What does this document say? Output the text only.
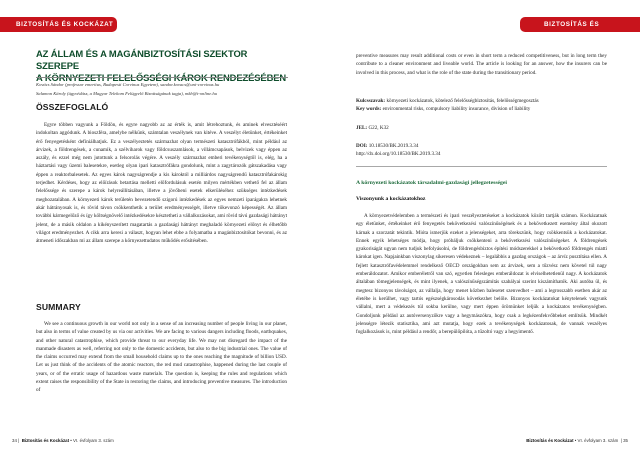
BIZTOSÍTÁS ÉS KOCKÁZAT
AZ ÁLLAM ÉS A MAGÁNBIZTOSÍTÁSI SZEKTOR SZEREPE
Kovács Sándor (professor emeritus, Budapesti Corvinus Egyetem), sandor.kovacs@uni-corvinus.hu
Salamon Károly (ügyvédász, a Magyar Telekom Felügyelő Bizottságának tagja), mkb@t-online.hu
ÖSSZEFOGLALÓ
Egyre többen vagyunk a Földön, és egyre nagyobb az az érték is, amit létrehoztunk, és aminek elvesztéséért indokoltan aggódunk. A bioszféra, amelybe nélkünk, számtalan veszélynek van kitéve. A veszélyt életünket, értékeinket érő fenyegetésként definiálhatjuk. Ez a veszélyeztetés származhat olyan természeti katasztrófákból, mint például az árvizek, a földrengések, a cunamik, a szélviharok vagy földcsuszamlások, a villámcsapások, belvizek vagy éppen az aszály, és ezzel még nem jutottunk a felsorolás végére. A veszély származhat emberi tevékenységtől is, elég, ha a háztartási vagy üzemi balesetekre, esetleg olyan ipari katasztrófákra gondolunk, mint a zagytározók gátszakadása vagy éppen a reaktorbalesetek. Az egyes károk nagyságrendje a kis károktól a milliárdos nagyságrendű katasztrófakárokig terjedhet. Kérdéses, hogy az előírások betartása melletti előfordulásuk esetén milyen mértékben vethető fel az állam felelőssége és szerepe a károk helyreállításában, illetve a jövőbeni esetek elkerüléséhez szükséges intézkedések meghozatalában. A környezeti károk területén bevezetendő szigorú intézkedések az egyes nemzeti iparágakra lehetnek akár hátrányosak is, és rövid távon csökkenthetik a terület eredményességét, illetve tőkevonzó képességét. Az állam további kármegelőző és így költségnövelő intézkedésekre késztetheti a vállalkozásokat, ami rövid távú gazdasági hátrányt jelent, de a másik oldalon a kikényszerített magatartás a gazdasági hátrányt meghaladó környezeti előnyt és élhetőbb világot eredményezhet. A cikk arra keresi a választ, hogyan lehet ebbe a folyamatba a magánbiztosítókat bevonni, és az átmeneti időszakban mi az állam szerepe a környezettudatos működés erősítésében.
SUMMARY
We see a continuous growth in our world not only in a sense of an increasing number of people living in our planet, but also in terms of value created by us via our activities. We are facing to various dangers including floods, earthquakes, and other natural catastrophise, which provide threat to our everyday life. We may not disregard the impact of the manmade disasters as well, referring not only to the domestic accidents, but also to the big industrial ones. The value of the claims occurred may extend from the small household claims up to the ones reaching the magnitude of billion USD. Let us just think of the accidents of the atomic reactors, the red mud catastrophise, happened during the last couple of years, or of the erratic usage of hazardous waste materials. The question is, keeping the rules and regulations which extent raises the responsibility of the State in restoring the claims, and introducing preventive measures. The introduction of
34 | Biztosítás és Kockázat • VI. évfolyam 3. szám
BIZTOSÍTÁS ÉS KOCKÁZAT
preventive measures may result additional costs or even in short term a reduced competitiveness, but in long term they contribute to a cleaner environment and liveable world. The article is looking for an answer, how the insurers can be involved in this process, and what is the role of the state during the transitionary period.
Kulcsszavak: környezeti kockázatok, kötelező felelősségbiztosítás, felelősségmegosztás
Key words: environmental risks, compulsory liability insurance, division of liability
JEL: G22, K32
DOI: 10.18530/BK.2019.3.34
http://dx.doi.org/10.18530/BK.2019.3.34
A környezeti kockázatok társadalmi-gazdasági jellegzetességei
Viszonyunk a kockázatokhoz
A környezetvédelemben a természeti és ipari veszélyeztetéseket a kockázatok között tartják számon. Kockázatnak egy életünket, értékeinket érő fenyegetés bekövetkezési valószínűségének és a bekövetkezett esemény által okozott kárnak a szorzatát tekintik. Mióta ismerjük ezeket a jelenségeket, arra törekszünk, hogy csökkentsük a kockázatokat. Ennek egyik lehetséges módja, hogy próbáljuk csökkenteni a bekövetkezési valószínűségeket. A földrengések gyakoriságát ugyan nem tudjuk befolyásolni, de földrengésbiztos építési módszerekkel a bekövetkező földrengés miatti károkat igen. Napjainkban viszonylag sikeresen védekeznek – legalábbis a gazdag országok – az árvíz pusztítása ellen. A fejlett katasztrófavédelemmel rendelkező OECD országokban sem az árvizek, sem a tűzvész nem követel túl nagy emberáldozatot. Amikor emberéletről van szó, egyetlen felesleges emberáldozat is elviselhetetlenül nagy. A kockázatok általában tömegjelenségek, és mint ilyenek, a valószínűségszámítás szabályai szerint kiszámíthatók. Aki autóba ül, és megtesz bizonyos távolságot, az vállalja, hogy menet közben balesetet szenvedhet – ami a legrosszabb esetben akár az életébe is kerülhet, vagy tartós egészségkárosodás következhet belőle. Bizonyos kockázatokat kénytelenek vagyunk vállalni, mert a védekezés túl sokba kerülne, vagy mert éppen örömünket leljük a kockázatos tevékenységben. Gondoljunk például az autóversenyzőkre vagy a hegymászókra, hogy csak a legkézenfekvőbbeket említsük. Mindkét jelenségre létezik statisztika, ami azt mutatja, hogy ezek a tevékenységek kockázatosak, de vannak veszélyes foglalkozások is, mint például a rendőr, a berepülőpilóta, a tűzoltó vagy a hegyimentő.
Biztosítás és Kockázat • VI. évfolyam 3. szám | 35
